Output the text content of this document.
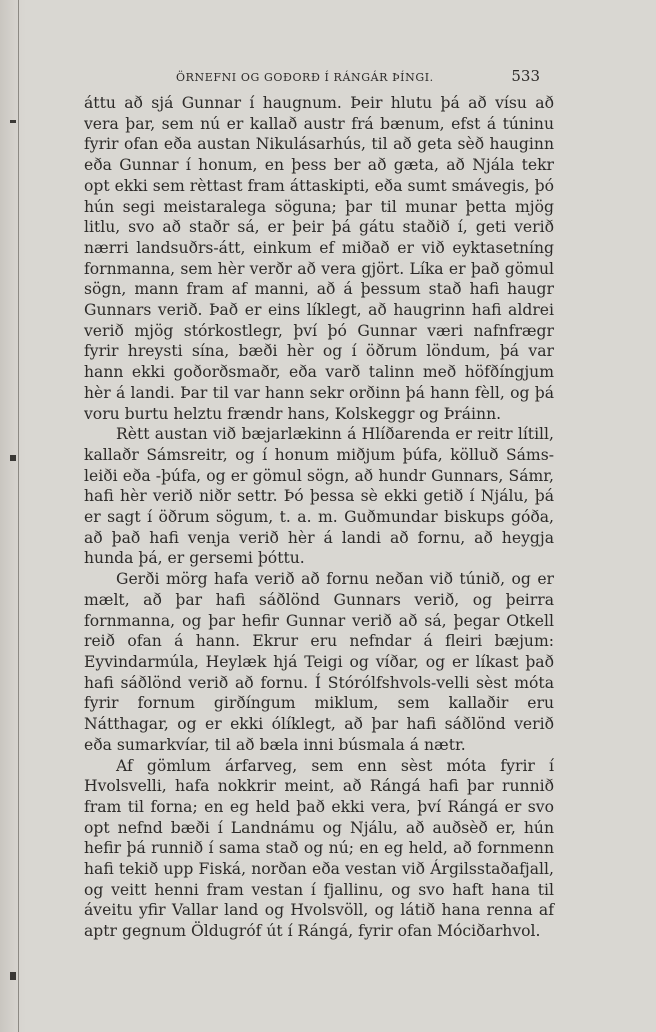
ÖRNEFNI OG GOÐORÐ Í RÁNGÁR ÞÍNGI.	533

áttu að sjá Gunnar í haugnum. Þeir hlutu þá að vísu að vera þar, sem nú er kallað austr frá bænum, efst á túninu fyrir ofan eða austan Nikulásarhús, til að geta sèð hauginn eða Gunnar í honum, en þess ber að gæta, að Njála tekr opt ekki sem rèttast fram áttaskipti, eða sumt smávegis, þó hún segi meistaralega söguna; þar til munar þetta mjög litlu, svo að staðr sá, er þeir þá gátu staðið í, geti verið nærri landsuðrs-átt, einkum ef miðað er við eyktasetníng fornmanna, sem hèr verðr að vera gjört. Líka er það gömul sögn, mann fram af manni, að á þessum stað hafi haugr Gunnars verið. Það er eins líklegt, að haugrinn hafi aldrei verið mjög stórkostlegr, því þó Gunnar væri nafnfrægr fyrir hreysti sína, bæði hèr og í öðrum löndum, þá var hann ekki goðorðsmaðr, eða varð talinn með höfðíngjum hèr á landi. Þar til var hann sekr orðinn þá hann fèll, og þá voru burtu helztu frændr hans, Kolskeggr og Þráinn.

Rètt austan við bæjarlækinn á Hlíðarenda er reitr lítill, kallaðr Sámsreitr, og í honum miðjum þúfa, kölluð Sáms-leiði eða -þúfa, og er gömul sögn, að hundr Gunnars, Sámr, hafi hèr verið niðr settr. Þó þessa sè ekki getið í Njálu, þá er sagt í öðrum sögum, t. a. m. Guðmundar biskups góða, að það hafi venja verið hèr á landi að fornu, að heygja hunda þá, er gersemi þóttu.

Gerði mörg hafa verið að fornu neðan við túnið, og er mælt, að þar hafi sáðlönd Gunnars verið, og þeirra fornmanna, og þar hefir Gunnar verið að sá, þegar Otkell reið ofan á hann. Ekrur eru nefndar á fleiri bæjum: Eyvindarmúla, Heylæk hjá Teigi og víðar, og er líkast það hafi sáðlönd verið að fornu. Í Stórólfshvols-velli sèst móta fyrir fornum girðíngum miklum, sem kallaðir eru Nátthagar, og er ekki ólíklegt, að þar hafi sáðlönd verið eða sumarkvíar, til að bæla inni búsmala á nætr.

Af gömlum árfarveg, sem enn sèst móta fyrir í Hvolsvelli, hafa nokkrir meint, að Rángá hafi þar runnið fram til forna; en eg held það ekki vera, því Rángá er svo opt nefnd bæði í Landnámu og Njálu, að auðsèð er, hún hefir þá runnið í sama stað og nú; en eg held, að fornmenn hafi tekið upp Fiská, norðan eða vestan við Árgilsstaðafjall, og veitt henni fram vestan í fjallinu, og svo haft hana til áveitu yfir Vallar land og Hvolsvöll, og látið hana renna af aptr gegnum Öldugróf út í Rángá, fyrir ofan Móciðarhvol.
